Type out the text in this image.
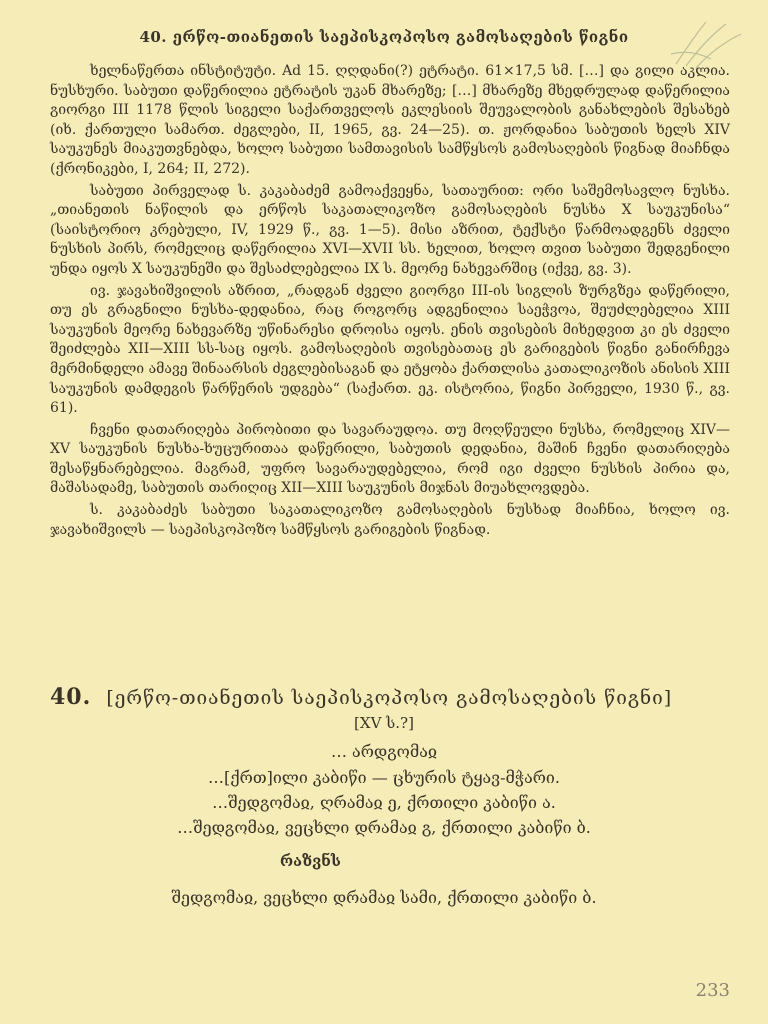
40. ერწო-თიანეთის საეპისკოპოსო გამოსაღების წიგნი

ხელნაწერთა ინსტიტუტი. Ad 15. ღღდანი(?) ეტრატი. 61×17,5 სმ. […] და გილი აკლია. ნუსხური. საბუთი დაწერილია ეტრატის უკან მხარეზე; […] მხარეზე მხედრულად დაწერილია გიორგი III 1178 წლის სიგელი საქართველოს ეკლესიის შეუვალობის განახლების შესახებ (იხ. ქართული სამართ. ძეგლები, II, 1965, გვ. 24—25). თ. ჟორდანია საბუთის ხელს XIV საუკუნეს მიაკუთვნებდა, ხოლო საბუთი სამთავისის სამწყსოს გამოსაღების წიგნად მიაჩნდა (ქრონიკები, I, 264; II, 272).

საბუთი პირველად ს. კაკაბაძემ გამოაქვეყნა, სათაურით: ორი საშემოსავლო ნუსხა. „თიანეთის ნაწილის და ერწოს საკათალიკოზო გამოსაღების ნუსხა X საუკუნისა“ (საისტორიო კრებული, IV, 1929 წ., გვ. 1—5). მისი აზრით, ტექსტი წარმოადგენს ძველი ნუსხის პირს, რომელიც დაწერილია XVI—XVII სს. ხელით, ხოლო თვით საბუთი შედგენილი უნდა იყოს X საუკუნეში და შესაძლებელია IX ს. მეორე ნახევარშიც (იქვე, გვ. 3).

ივ. ჯავახიშვილის აზრით, „რადგან ძველი გიორგი III-ის სიგლის ზურგზეა დაწერილი, თუ ეს გრაგნილი ნუსხა-დედანია, რაც როგორც ადგენილია საეჭვოა, შეუძლებელია XIII საუკუნის მეორე ნახევარზე უწინარესი დროისა იყოს. ენის თვისების მიხედვით კი ეს ძველი შეიძლება XII—XIII სს-საც იყოს. გამოსაღების თვისებათაც ეს გარიგების წიგნი განირჩევა მერმინდელი ამავე შინაარსის ძეგლებისაგან და ეტყობა ქართლისა კათალიკოზის ანისის XIII საუკუნის დამდეგის წარწერის უდგება“ (საქართ. ეკ. ისტორია, წიგნი პირველი, 1930 წ., გვ. 61).

ჩვენი დათარიღება პირობითი და სავარაუდოა. თუ მოღწეული ნუსხა, რომელიც XIV—XV საუკუნის ნუსხა-ხუცურითაა დაწერილი, საბუთის დედანია, მაშინ ჩვენი დათარიღება შესაწყნარებელია. მაგრამ, უფრო სავარაუდებელია, რომ იგი ძველი ნუსხის პირია და, მაშასადამე, საბუთის თარიღიც XII—XIII საუკუნის მიჯნას მიუახლოვდება.

ს. კაკაბაძეს საბუთი საკათალიკოზო გამოსაღების ნუსხად მიაჩნია, ხოლო ივ. ჯავახიშვილს — საეპისკოპოზო სამწყსოს გარიგების წიგნად.

40. [ერწო-თიანეთის საეპისკოპოსო გამოსაღების წიგნი]
[XV ს.?]
… არდგომაჲ
…[ქრთ]ილი კაბიწი — ცხურის ტყავ-მჭარი.
…შედგომაჲ, ღრამაჲ ე, ქრთილი კაბიწი ა.
…შედგომაჲ, ვეცხლი დრამაჲ გ, ქრთილი კაბიწი ბ.
რაზვნს
შედგომაჲ, ვეცხლი დრამაჲ სამი, ქრთილი კაბიწი ბ.
233
